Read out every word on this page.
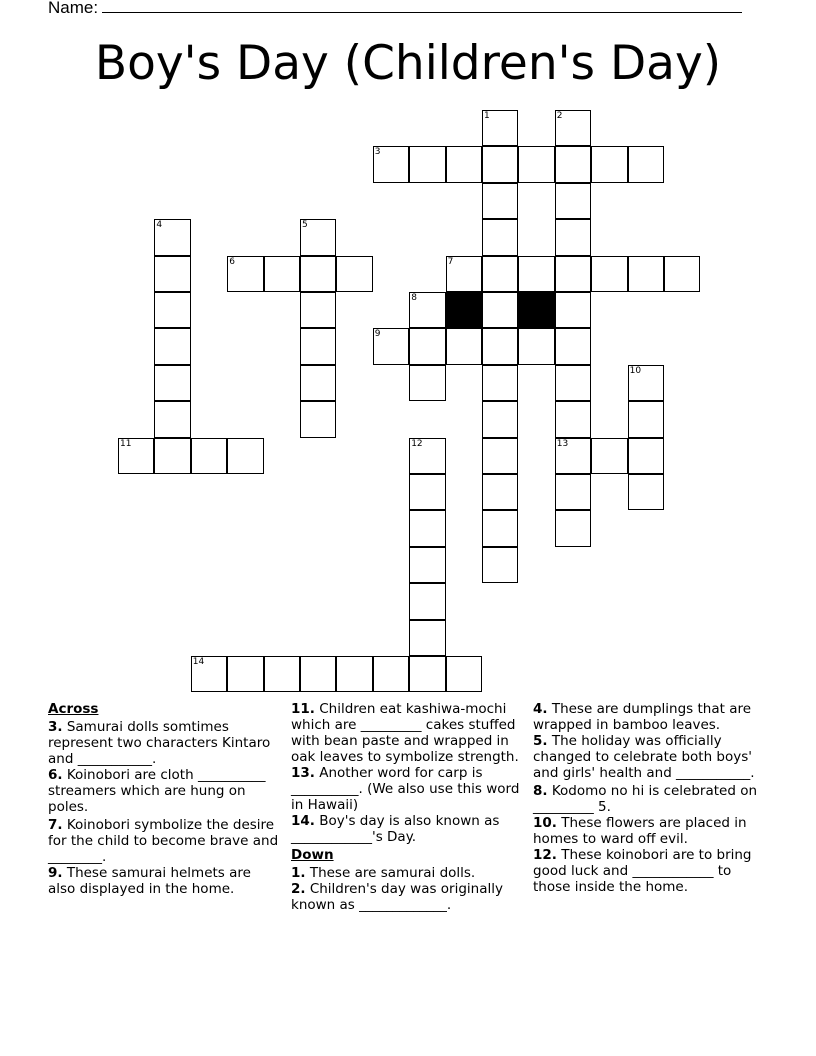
Name:
Boy's Day (Children's Day)
1	2
13
3
4	5
6	7
8
9
10
11	12
14
Across
3. Samurai dolls somtimes represent two characters Kintaro and ___________.
6. Koinobori are cloth __________ streamers which are hung on poles.
7. Koinobori symbolize the desire for the child to become brave and ________.
9. These samurai helmets are also displayed in the home.
11. Children eat kashiwa-mochi which are _________ cakes stuffed with bean paste and wrapped in oak leaves to symbolize strength.
13. Another word for carp is __________. (We also use this word in Hawaii)
14. Boy's day is also known as ____________'s Day.
Down
1. These are samurai dolls.
2. Children's day was originally known as _____________.
4. These are dumplings that are wrapped in bamboo leaves.
5. The holiday was officially changed to celebrate both boys' and girls' health and ___________.
8. Kodomo no hi is celebrated on _________ 5.
10. These flowers are placed in homes to ward off evil.
12. These koinobori are to bring good luck and ____________ to those inside the home.
